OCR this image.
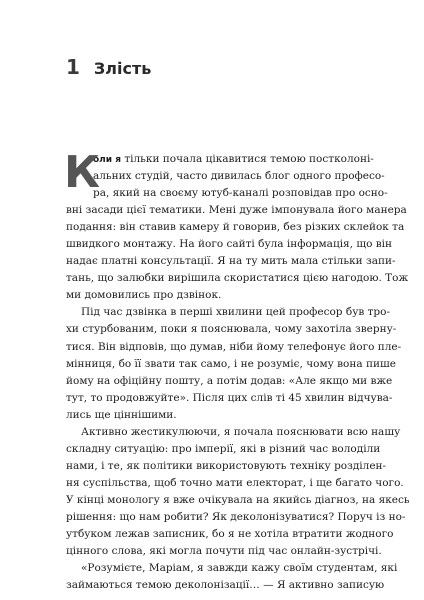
1 Злість
К
оли я тільки почала цікавитися темою постколоні-
альних студій, часто дивилась блог одного професо-
ра, який на своєму ютуб-каналі розповідав про осно-
вні засади цієї тематики. Мені дуже імпонувала його манера
подання: він ставив камеру й говорив, без різких склейок та
швидкого монтажу. На його сайті була інформація, що він
надає платні консультації. Я на ту мить мала стільки запи-
тань, що залюбки вирішила скористатися цією нагодою. Тож
ми домовились про дзвінок.
Під час дзвінка в перші хвилини цей професор був тро-
хи стурбованим, поки я пояснювала, чому захотіла зверну-
тися. Він відповів, що думав, ніби йому телефонує його пле-
мінниця, бо її звати так само, і не розуміє, чому вона пише
йому на офіційну пошту, а потім додав: «Але якщо ми вже
тут, то продовжуйте». Після цих слів ті 45 хвилин відчува-
лись ще ціннішими.
Активно жестикулюючи, я почала пояснювати всю нашу
складну ситуацію: про імперії, які в різний час володіли
нами, і те, як політики використовують техніку розділен-
ня суспільства, щоб точно мати електорат, і ще багато чого.
У кінці монологу я вже очікувала на якийсь діагноз, на якесь
рішення: що нам робити? Як деколонізуватися? Поруч із но-
утбуком лежав записник, бо я не хотіла втратити жодного
цінного слова, які могла почути під час онлайн-зустрічі.
«Розумієте, Маріам, я завжди кажу своїм студентам, які
займаються темою деколонізації… — Я активно записую
